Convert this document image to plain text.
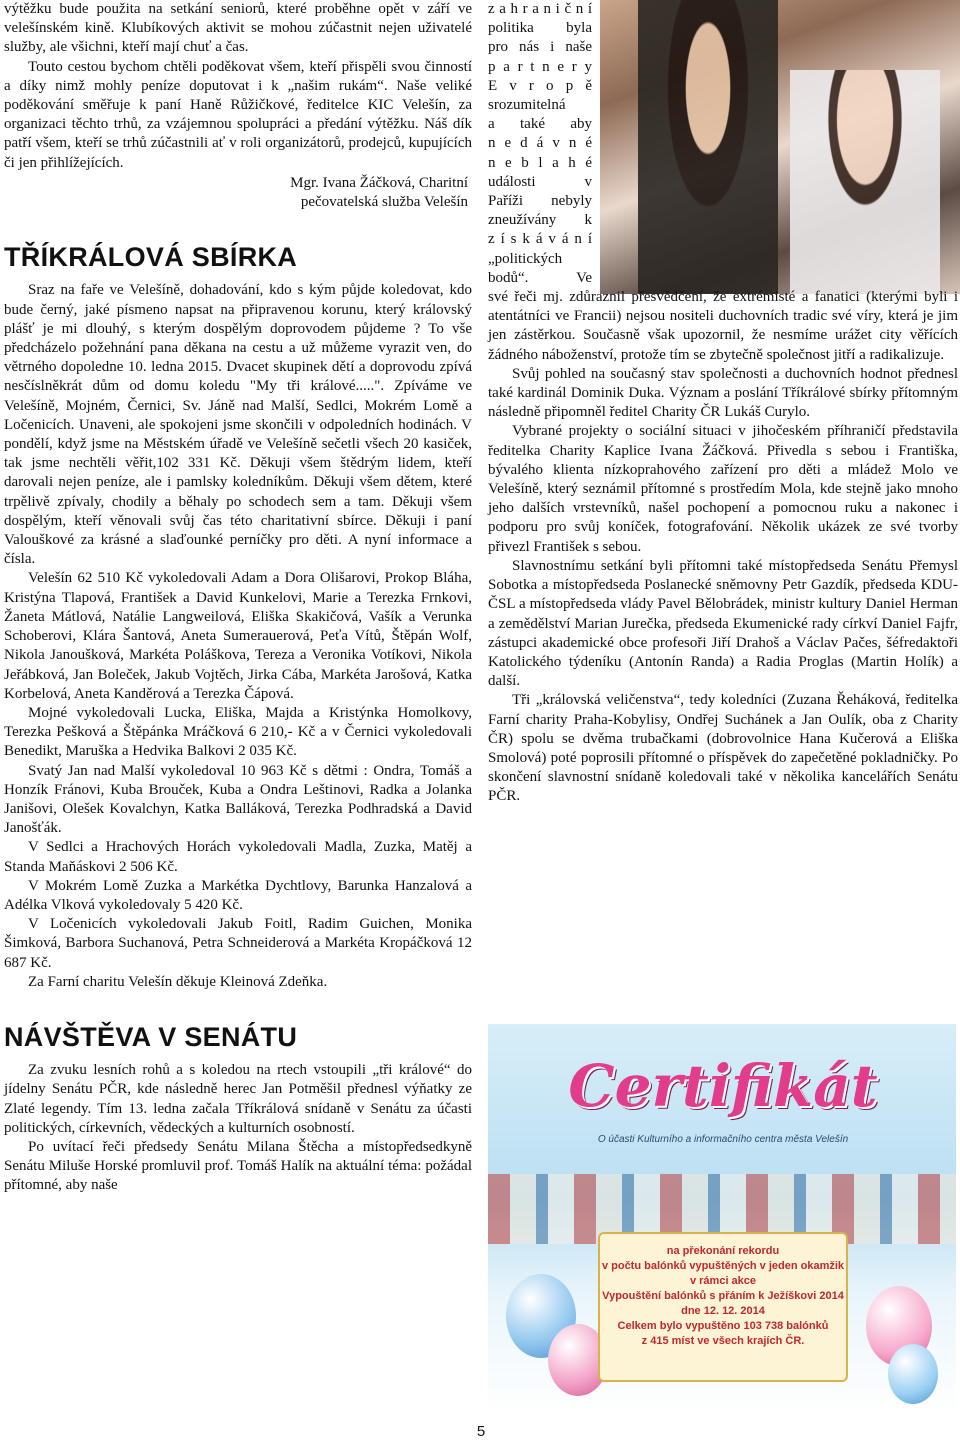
výtěžku bude použita na setkání seniorů, které proběhne opět v září ve velešínském kině. Klubíkových aktivit se mohou zúčastnit nejen uživatelé služby, ale všichni, kteří mají chuť a čas.

Touto cestou bychom chtěli poděkovat všem, kteří přispěli svou činností a díky nimž mohly peníze doputovat i k „našim rukám“. Naše veliké poděkování směřuje k paní Haně Růžičkové, ředitelce KIC Velešín, za organizaci těchto trhů, za vzájemnou spolupráci a předání výtěžku. Náš dík patří všem, kteří se trhů zúčastnili ať v roli organizátorů, prodejců, kupujících či jen přihlížejících.

Mgr. Ivana Žáčková, Charitní

pečovatelská služba Velešín

TŘÍKRÁLOVÁ SBÍRKA

Sraz na faře ve Velešíně, dohadování, kdo s kým půjde koledovat, kdo bude černý, jaké písmeno napsat na připravenou korunu, který královský plášť je mi dlouhý, s kterým dospělým doprovodem půjdeme ? To vše předcházelo požehnání pana děkana na cestu a už můžeme vyrazit ven, do větrného dopoledne 10. ledna 2015. Dvacet skupinek dětí a doprovodu zpívá nesčíslněkrát dům od domu koledu "My tři králové.....". Zpíváme ve Velešíně, Mojném, Černici, Sv. Jáně nad Malší, Sedlci, Mokrém Lomě a Ločenicích. Unaveni, ale spokojeni jsme skončili v odpoledních hodinách. V pondělí, když jsme na Městském úřadě ve Velešíně sečetli všech 20 kasiček, tak jsme nechtěli věřit,102 331 Kč. Děkuji všem štědrým lidem, kteří darovali nejen peníze, ale i pamlsky koledníkům. Děkuji všem dětem, které trpělivě zpívaly, chodily a běhaly po schodech sem a tam. Děkuji všem dospělým, kteří věnovali svůj čas této charitativní sbírce. Děkuji i paní Valouškové za krásné a slaďounké perníčky pro děti. A nyní informace a čísla.

Velešín 62 510 Kč vykoledovali Adam a Dora Olišarovi, Prokop Bláha, Kristýna Tlapová, František a David Kunkelovi, Marie a Terezka Frnkovi, Žaneta Mátlová, Natálie Langweilová, Eliška Skakičová, Vašík a Verunka Schoberovi, Klára Šantová, Aneta Sumerauerová, Peťa Vítů, Štěpán Wolf, Nikola Janoušková, Markéta Poláškova, Tereza a Veronika Votíkovi, Nikola Jeřábková, Jan Boleček, Jakub Vojtěch, Jirka Cába, Markéta Jarošová, Katka Korbelová, Aneta Kanděrová a Terezka Čápová.

Mojné vykoledovali Lucka, Eliška, Majda a Kristýnka Homolkovy, Terezka Pešková a Štěpánka Mráčková 6 210,- Kč a v Černici vykoledovali Benedikt, Maruška a Hedvika Balkovi 2 035 Kč.

Svatý Jan nad Malší vykoledoval 10 963 Kč s dětmi : Ondra, Tomáš a Honzík Fránovi, Kuba Brouček, Kuba a Ondra Leštinovi, Radka a Jolanka Janišovi, Olešek Kovalchyn, Katka Balláková, Terezka Podhradská a David Janošťák.

V Sedlci a Hrachových Horách vykoledovali Madla, Zuzka, Matěj a Standa Maňáskovi 2 506 Kč.

V Mokrém Lomě Zuzka a Markétka Dychtlovy, Barunka Hanzalová a Adélka Vlková vykoledovaly 5 420 Kč.

V Ločenicích vykoledovali Jakub Foitl, Radim Guichen, Monika Šimková, Barbora Suchanová, Petra Schneiderová a Markéta Kropáčková 12 687 Kč.

Za Farní charitu Velešín děkuje Kleinová Zdeňka.

NÁVŠTĚVA V SENÁTU

Za zvuku lesních rohů a s koledou na rtech vstoupili „tři králové“ do jídelny Senátu PČR, kde následně herec Jan Potměšil přednesl výňatky ze Zlaté legendy. Tím 13. ledna začala Tříkrálová snídaně v Senátu za účasti politických, církevních, vědeckých a kulturních osobností.

Po uvítací řeči předsedy Senátu Milana Štěcha a místopředsedkyně Senátu Miluše Horské promluvil prof. Tomáš Halík na aktuální téma: požádal přítomné, aby naše

z a h r a n i č n í
politika byla
pro nás i naše
p a r t n e r y
E v r o p ě
srozumitelná
a také aby
n e d á v n é
n e b l a h é
události v
Paříži nebyly
zneužívány k
z í s k á v á n í
„politických
bodů“. Ve

své řeči mj. zdůraznil přesvědčení, že extrémisté a fanatici (kterými byli i atentátníci ve Francii) nejsou nositeli duchovních tradic své víry, která je jim jen zástěrkou. Současně však upozornil, že nesmíme urážet city věřících žádného náboženství, protože tím se zbytečně společnost jitří a radikalizuje.

Svůj pohled na současný stav společnosti a duchovních hodnot přednesl také kardinál Dominik Duka. Význam a poslání Tříkrálové sbírky přítomným následně připomněl ředitel Charity ČR Lukáš Curylo.

Vybrané projekty o sociální situaci v jihočeském příhraničí představila ředitelka Charity Kaplice Ivana Žáčková. Přivedla s sebou i Františka, bývalého klienta nízkoprahového zařízení pro děti a mládež Molo ve Velešíně, který seznámil přítomné s prostředím Mola, kde stejně jako mnoho jeho dalších vrstevníků, našel pochopení a pomocnou ruku a nakonec i podporu pro svůj koníček, fotografování. Několik ukázek ze své tvorby přivezl František s sebou.

Slavnostnímu setkání byli přítomni také místopředseda Senátu Přemysl Sobotka a místopředseda Poslanecké sněmovny Petr Gazdík, předseda KDU-ČSL a místopředseda vlády Pavel Bělobrádek, ministr kultury Daniel Herman a zemědělství Marian Jurečka, předseda Ekumenické rady církví Daniel Fajfr, zástupci akademické obce profesoři Jiří Drahoš a Václav Pačes, šéfredaktoři Katolického týdeníku (Antonín Randa) a Radia Proglas (Martin Holík) a další.

Tři „královská veličenstva“, tedy koledníci (Zuzana Řeháková, ředitelka Farní charity Praha-Kobylisy, Ondřej Suchánek a Jan Oulík, oba z Charity ČR) spolu se dvěma trubačkami (dobrovolnice Hana Kučerová a Eliška Smolová) poté poprosili přítomné o příspěvek do zapečetěné pokladničky. Po skončení slavnostní snídaně koledovali také v několika kancelářích Senátu PČR.

Certifikát
O účasti Kulturního a informačního centra města Velešín
na překonání rekordu
v počtu balónků vypuštěných v jeden okamžik
v rámci akce
Vypouštění balónků s přáním k Ježíškovi 2014
dne 12. 12. 2014
Celkem bylo vypuštěno 103 738 balónků
z 415 míst ve všech krajích ČR.
5
